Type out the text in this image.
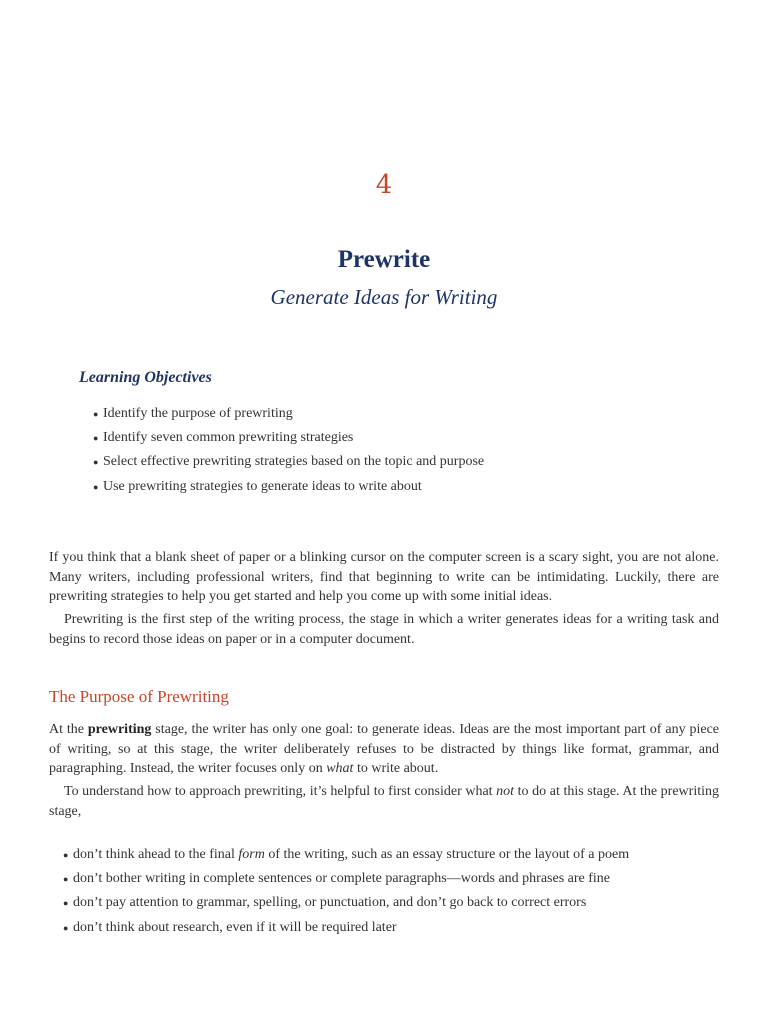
4
Prewrite
Generate Ideas for Writing
Learning Objectives
● Identify the purpose of prewriting
● Identify seven common prewriting strategies
● Select effective prewriting strategies based on the topic and purpose
● Use prewriting strategies to generate ideas to write about

If you think that a blank sheet of paper or a blinking cursor on the computer screen is a scary sight, you are not alone. Many writers, including professional writers, find that beginning to write can be intimidating. Luckily, there are prewriting strategies to help you get started and help you come up with some initial ideas.

Prewriting is the first step of the writing process, the stage in which a writer generates ideas for a writing task and begins to record those ideas on paper or in a computer document.

The Purpose of Prewriting

At the prewriting stage, the writer has only one goal: to generate ideas. Ideas are the most important part of any piece of writing, so at this stage, the writer deliberately refuses to be distracted by things like format, grammar, and paragraphing. Instead, the writer focuses only on what to write about.

To understand how to approach prewriting, it’s helpful to first consider what not to do at this stage. At the prewriting stage,

● don’t think ahead to the final form of the writing, such as an essay structure or the layout of a poem
● don’t bother writing in complete sentences or complete paragraphs—words and phrases are fine
● don’t pay attention to grammar, spelling, or punctuation, and don’t go back to correct errors
● don’t think about research, even if it will be required later
